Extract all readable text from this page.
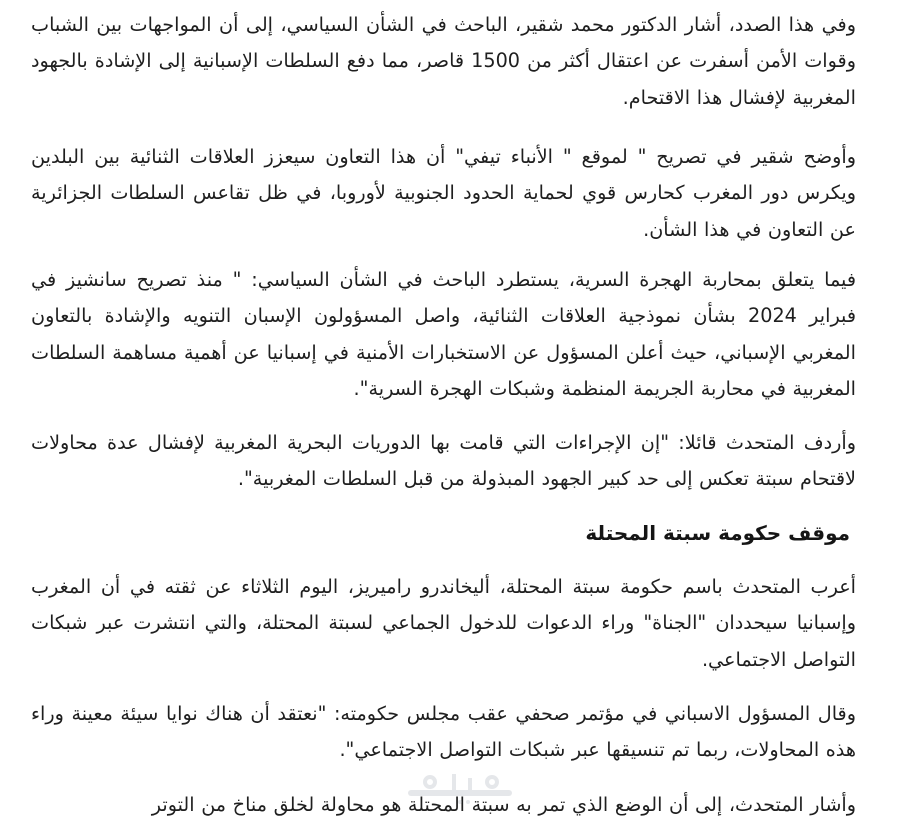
وفي هذا الصدد، أشار الدكتور محمد شقير، الباحث في الشأن السياسي، إلى أن المواجهات بين الشباب وقوات الأمن أسفرت عن اعتقال أكثر من 1500 قاصر، مما دفع السلطات الإسبانية إلى الإشادة بالجهود المغربية لإفشال هذا الاقتحام.

وأوضح شقير في تصريح " لموقع " الأنباء تيفي" أن هذا التعاون سيعزز العلاقات الثنائية بين البلدين ويكرس دور المغرب كحارس قوي لحماية الحدود الجنوبية لأوروبا، في ظل تقاعس السلطات الجزائرية عن التعاون في هذا الشأن.

فيما يتعلق بمحاربة الهجرة السرية، يستطرد الباحث في الشأن السياسي: " منذ تصريح سانشيز في فبراير 2024 بشأن نموذجية العلاقات الثنائية، واصل المسؤولون الإسبان التنويه والإشادة بالتعاون المغربي الإسباني، حيث أعلن المسؤول عن الاستخبارات الأمنية في إسبانيا عن أهمية مساهمة السلطات المغربية في محاربة الجريمة المنظمة وشبكات الهجرة السرية".

وأردف المتحدث قائلا: "إن الإجراءات التي قامت بها الدوريات البحرية المغربية لإفشال عدة محاولات لاقتحام سبتة تعكس إلى حد كبير الجهود المبذولة من قبل السلطات المغربية".

موقف حكومة سبتة المحتلة

أعرب المتحدث باسم حكومة سبتة المحتلة، أليخاندرو راميريز، اليوم الثلاثاء عن ثقته في أن المغرب وإسبانيا سيحددان "الجناة" وراء الدعوات للدخول الجماعي لسبتة المحتلة، والتي انتشرت عبر شبكات التواصل الاجتماعي.

وقال المسؤول الاسباني في مؤتمر صحفي عقب مجلس حكومته: "نعتقد أن هناك نوايا سيئة معينة وراء هذه المحاولات، ربما تم تنسيقها عبر شبكات التواصل الاجتماعي".

وأشار المتحدث، إلى أن الوضع الذي تمر به سبتة المحتلة هو محاولة لخلق مناخ من التوتر
